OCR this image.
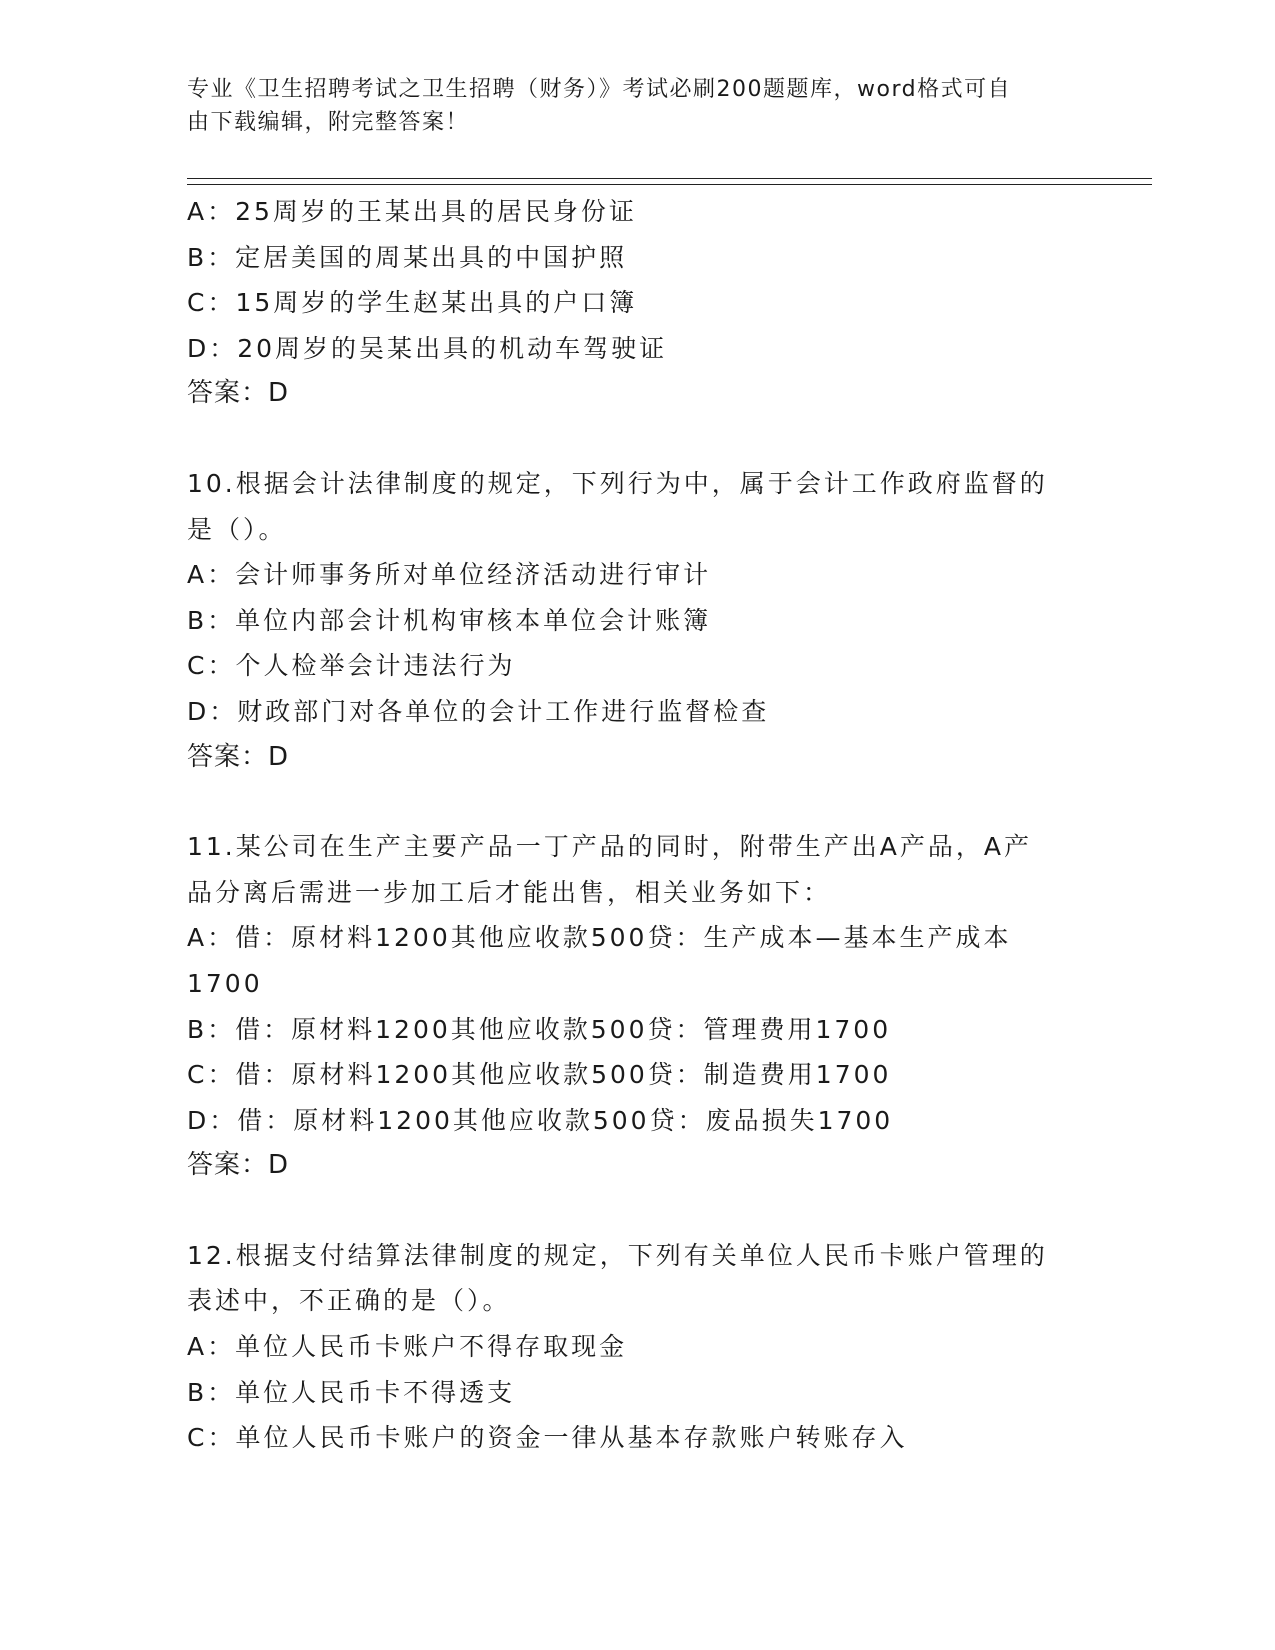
专业《卫生招聘考试之卫生招聘（财务）》考试必刷200题题库，word格式可自
由下载编辑，附完整答案！
A：25周岁的王某出具的居民身份证
B：定居美国的周某出具的中国护照
C：15周岁的学生赵某出具的户口簿
D：20周岁的吴某出具的机动车驾驶证
答案：D
10.根据会计法律制度的规定，下列行为中，属于会计工作政府监督的
是（）。
A：会计师事务所对单位经济活动进行审计
B：单位内部会计机构审核本单位会计账簿
C：个人检举会计违法行为
D：财政部门对各单位的会计工作进行监督检查
答案：D
11.某公司在生产主要产品一丁产品的同时，附带生产出A产品，A产
品分离后需进一步加工后才能出售，相关业务如下：
A：借：原材料1200其他应收款500贷：生产成本—基本生产成本
1700
B：借：原材料1200其他应收款500贷：管理费用1700
C：借：原材料1200其他应收款500贷：制造费用1700
D：借：原材料1200其他应收款500贷：废品损失1700
答案：D
12.根据支付结算法律制度的规定，下列有关单位人民币卡账户管理的
表述中，不正确的是（）。
A：单位人民币卡账户不得存取现金
B：单位人民币卡不得透支
C：单位人民币卡账户的资金一律从基本存款账户转账存入
